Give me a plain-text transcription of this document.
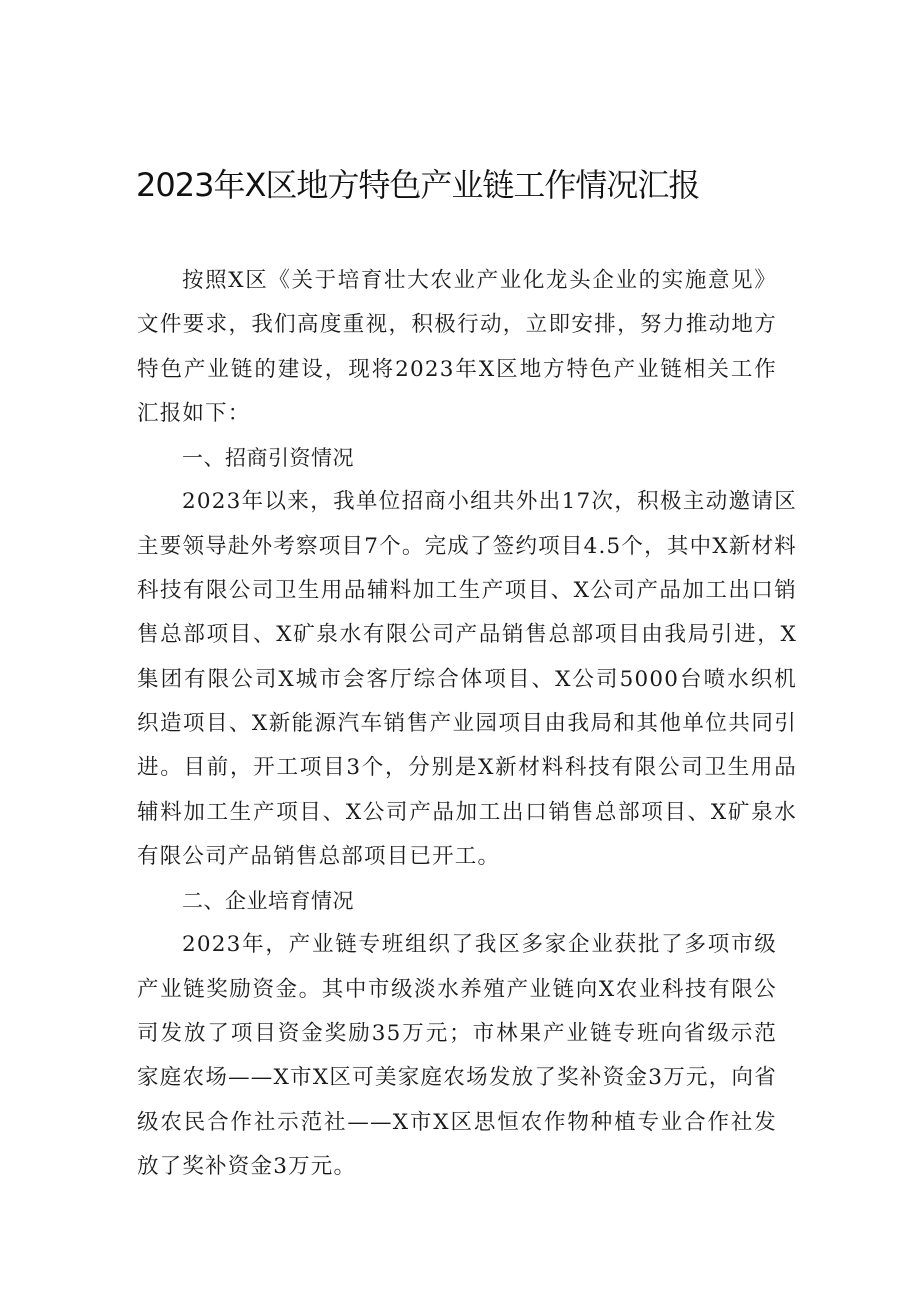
2023年X区地方特色产业链工作情况汇报

按照X区《关于培育壮大农业产业化龙头企业的实施意见》文件要求，我们高度重视，积极行动，立即安排，努力推动地方特色产业链的建设，现将2023年X区地方特色产业链相关工作汇报如下：

一、招商引资情况

2023年以来，我单位招商小组共外出17次，积极主动邀请区主要领导赴外考察项目7个。完成了签约项目4.5个，其中X新材料科技有限公司卫生用品辅料加工生产项目、X公司产品加工出口销售总部项目、X矿泉水有限公司产品销售总部项目由我局引进，X集团有限公司X城市会客厅综合体项目、X公司5000台喷水织机织造项目、X新能源汽车销售产业园项目由我局和其他单位共同引进。目前，开工项目3个，分别是X新材料科技有限公司卫生用品辅料加工生产项目、X公司产品加工出口销售总部项目、X矿泉水有限公司产品销售总部项目已开工。

二、企业培育情况

2023年，产业链专班组织了我区多家企业获批了多项市级产业链奖励资金。其中市级淡水养殖产业链向X农业科技有限公司发放了项目资金奖励35万元；市林果产业链专班向省级示范家庭农场——X市X区可美家庭农场发放了奖补资金3万元，向省级农民合作社示范社——X市X区思恒农作物种植专业合作社发放了奖补资金3万元。
